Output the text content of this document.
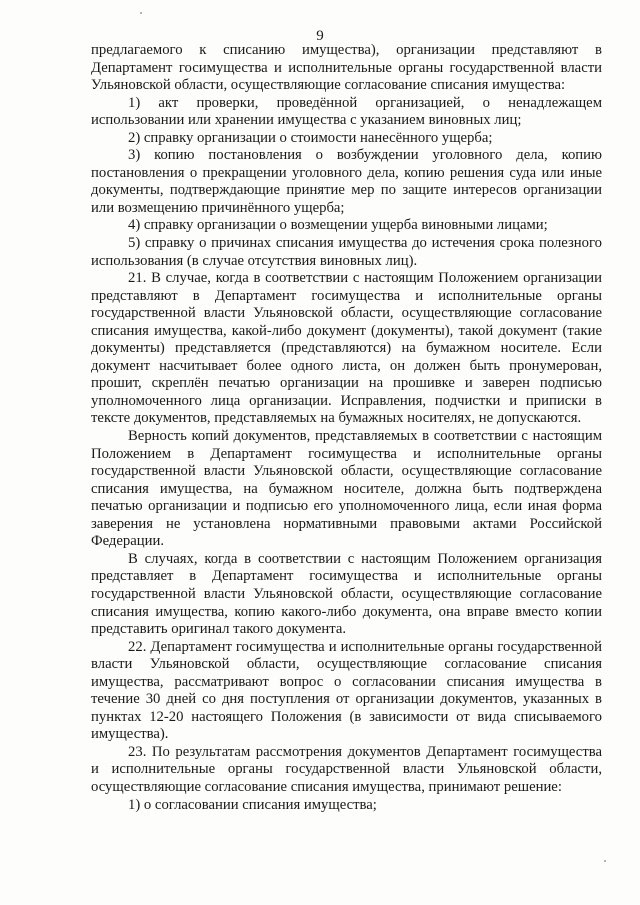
9

предлагаемого к списанию имущества), организации представляют в Департамент госимущества и исполнительные органы государственной власти Ульяновской области, осуществляющие согласование списания имущества:

1) акт проверки, проведённой организацией, о ненадлежащем использовании или хранении имущества с указанием виновных лиц;

2) справку организации о стоимости нанесённого ущерба;

3) копию постановления о возбуждении уголовного дела, копию постановления о прекращении уголовного дела, копию решения суда или иные документы, подтверждающие принятие мер по защите интересов организации или возмещению причинённого ущерба;

4) справку организации о возмещении ущерба виновными лицами;

5) справку о причинах списания имущества до истечения срока полезного использования (в случае отсутствия виновных лиц).

21. В случае, когда в соответствии с настоящим Положением организации представляют в Департамент госимущества и исполнительные органы государственной власти Ульяновской области, осуществляющие согласование списания имущества, какой-либо документ (документы), такой документ (такие документы) представляется (представляются) на бумажном носителе. Если документ насчитывает более одного листа, он должен быть пронумерован, прошит, скреплён печатью организации на прошивке и заверен подписью уполномоченного лица организации. Исправления, подчистки и приписки в тексте документов, представляемых на бумажных носителях, не допускаются.

Верность копий документов, представляемых в соответствии с настоящим Положением в Департамент госимущества и исполнительные органы государственной власти Ульяновской области, осуществляющие согласование списания имущества, на бумажном носителе, должна быть подтверждена печатью организации и подписью его уполномоченного лица, если иная форма заверения не установлена нормативными правовыми актами Российской Федерации.

В случаях, когда в соответствии с настоящим Положением организация представляет в Департамент госимущества и исполнительные органы государственной власти Ульяновской области, осуществляющие согласование списания имущества, копию какого-либо документа, она вправе вместо копии представить оригинал такого документа.

22. Департамент госимущества и исполнительные органы государственной власти Ульяновской области, осуществляющие согласование списания имущества, рассматривают вопрос о согласовании списания имущества в течение 30 дней со дня поступления от организации документов, указанных в пунктах 12-20 настоящего Положения (в зависимости от вида списываемого имущества).

23. По результатам рассмотрения документов Департамент госимущества и исполнительные органы государственной власти Ульяновской области, осуществляющие согласование списания имущества, принимают решение:

1) о согласовании списания имущества;
